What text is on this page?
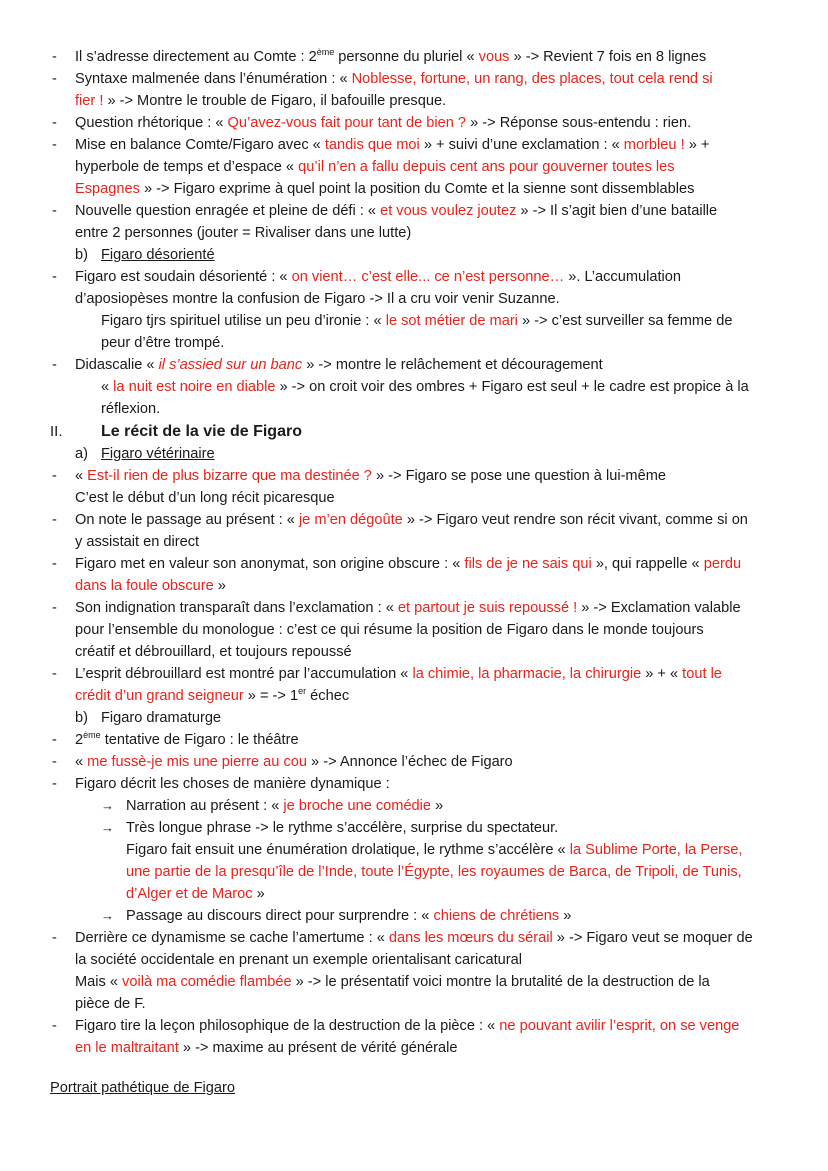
- Il s’adresse directement au Comte : 2ème personne du pluriel « vous » -> Revient 7 fois en 8 lignes
- Syntaxe malmenée dans l’énumération : « Noblesse, fortune, un rang, des places, tout cela rend si
fier ! » -> Montre le trouble de Figaro, il bafouille presque.
- Question rhétorique : « Qu’avez-vous fait pour tant de bien ? » -> Réponse sous-entendu : rien.
- Mise en balance Comte/Figaro avec « tandis que moi » + suivi d’une exclamation : « morbleu ! » +
hyperbole de temps et d’espace « qu’il n’en a fallu depuis cent ans pour gouverner toutes les
Espagnes » -> Figaro exprime à quel point la position du Comte et la sienne sont dissemblables
- Nouvelle question enragée et pleine de défi : « et vous voulez joutez » -> Il s’agit bien d’une bataille
entre 2 personnes (jouter = Rivaliser dans une lutte)
b) Figaro désorienté
- Figaro est soudain désorienté : « on vient… c’est elle... ce n’est personne… ». L’accumulation
d’aposiopèses montre la confusion de Figaro -> Il a cru voir venir Suzanne.
Figaro tjrs spirituel utilise un peu d’ironie : « le sot métier de mari » -> c’est surveiller sa femme de
peur d’être trompé.
- Didascalie « il s’assied sur un banc » -> montre le relâchement et découragement
« la nuit est noire en diable » -> on croit voir des ombres + Figaro est seul + le cadre est propice à la
réflexion.
II. Le récit de la vie de Figaro
a) Figaro vétérinaire
- « Est-il rien de plus bizarre que ma destinée ? » -> Figaro se pose une question à lui-même
C’est le début d’un long récit picaresque
- On note le passage au présent : « je m’en dégoûte » -> Figaro veut rendre son récit vivant, comme si on
y assistait en direct
- Figaro met en valeur son anonymat, son origine obscure : « fils de je ne sais qui », qui rappelle « perdu
dans la foule obscure »
- Son indignation transparaît dans l’exclamation : « et partout je suis repoussé ! » -> Exclamation valable
pour l’ensemble du monologue : c’est ce qui résume la position de Figaro dans le monde toujours
créatif et débrouillard, et toujours repoussé
- L’esprit débrouillard est montré par l’accumulation « la chimie, la pharmacie, la chirurgie » + « tout le
crédit d’un grand seigneur » = -> 1er échec
b) Figaro dramaturge
- 2ème tentative de Figaro : le théâtre
- « me fussè-je mis une pierre au cou » -> Annonce l’échec de Figaro
- Figaro décrit les choses de manière dynamique :
→ Narration au présent : « je broche une comédie »
→ Très longue phrase -> le rythme s’accélère, surprise du spectateur.
Figaro fait ensuit une énumération drolatique, le rythme s’accélère « la Sublime Porte, la Perse,
une partie de la presqu’île de l’Inde, toute l’Égypte, les royaumes de Barca, de Tripoli, de Tunis,
d’Alger et de Maroc »
→ Passage au discours direct pour surprendre : « chiens de chrétiens »
- Derrière ce dynamisme se cache l’amertume : « dans les mœurs du sérail » -> Figaro veut se moquer de
la société occidentale en prenant un exemple orientalisant caricatural
Mais « voilà ma comédie flambée » -> le présentatif voici montre la brutalité de la destruction de la
pièce de F.
- Figaro tire la leçon philosophique de la destruction de la pièce : « ne pouvant avilir l’esprit, on se venge
en le maltraitant » -> maxime au présent de vérité générale
Portrait pathétique de Figaro
